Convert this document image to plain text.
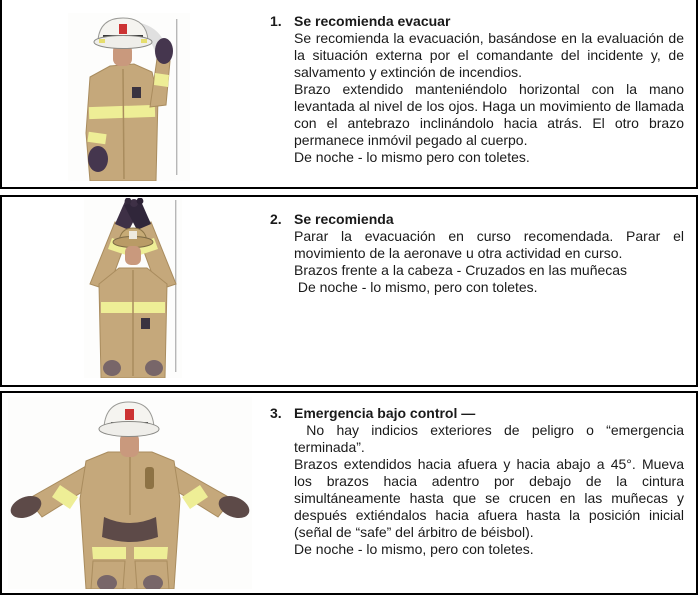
1. Se recomienda evacuar

Se recomienda la evacuación, basándose en la evaluación de la situación externa por el comandante del incidente y, de salvamento y extinción de incendios.

Brazo extendido manteniéndolo horizontal con la mano levantada al nivel de los ojos. Haga un movimiento de llamada con el antebrazo inclinándolo hacia atrás. El otro brazo permanece inmóvil pegado al cuerpo.

De noche - lo mismo pero con toletes.

2. Se recomienda

Parar la evacuación en curso recomendada. Parar el movimiento de la aeronave u otra actividad en curso.

Brazos frente a la cabeza - Cruzados en las muñecas

De noche - lo mismo, pero con toletes.

3. Emergencia bajo control —

No hay indicios exteriores de peligro o “emergencia terminada”.

Brazos extendidos hacia afuera y hacia abajo a 45°. Mueva los brazos hacia adentro por debajo de la cintura simultáneamente hasta que se crucen en las muñecas y después extiéndalos hacia afuera hasta la posición inicial (señal de “safe” del árbitro de béisbol).

De noche - lo mismo, pero con toletes.
